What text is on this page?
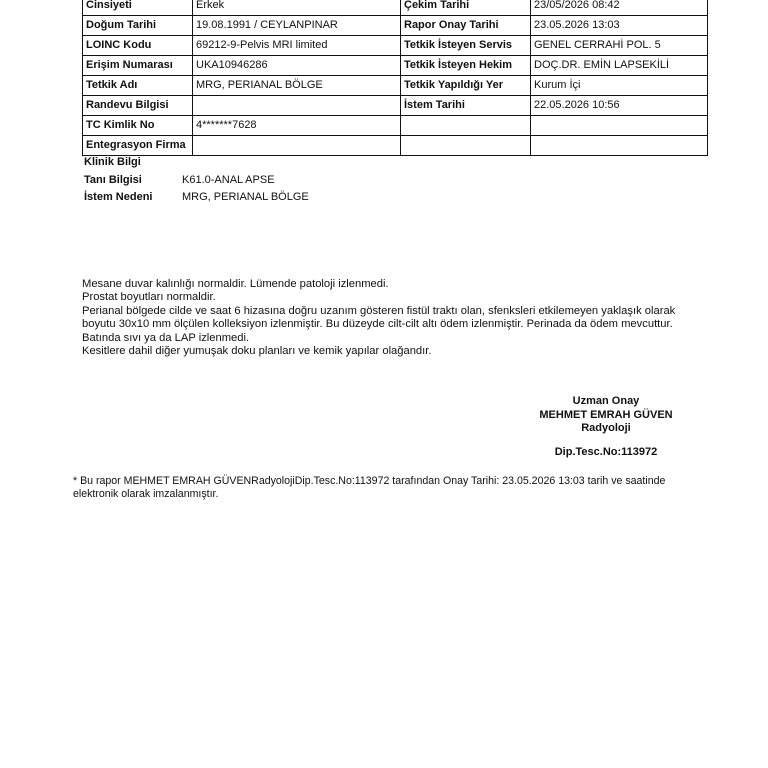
Cinsiyeti	Erkek	Çekim Tarihi	23/05/2026 08:42
Doğum Tarihi	19.08.1991 / CEYLANPINAR	Rapor Onay Tarihi	23.05.2026 13:03
LOINC Kodu	69212-9-Pelvis MRI limited	Tetkik İsteyen Servis	GENEL CERRAHİ POL. 5
Erişim Numarası	UKA10946286	Tetkik İsteyen Hekim	DOÇ.DR. EMİN LAPSEKİLİ
Tetkik Adı	MRG, PERIANAL BÖLGE	Tetkik Yapıldığı Yer	Kurum İçi
Randevu Bilgisi		İstem Tarihi	22.05.2026 10:56
TC Kimlik No	4*******7628		
Entegrasyon Firma			
Klinik Bilgi
Tanı Bilgisi	K61.0-ANAL APSE
İstem Nedeni	MRG, PERIANAL BÖLGE
Mesane duvar kalınlığı normaldir. Lümende patoloji izlenmedi.
Prostat boyutları normaldir.
Perianal bölgede cilde ve saat 6 hizasına doğru uzanım gösteren fistül traktı olan, sfenksleri etkilemeyen yaklaşık olarak
boyutu 30x10 mm ölçülen kolleksiyon izlenmiştir. Bu düzeyde cilt-cilt altı ödem izlenmiştir. Perinada da ödem mevcuttur.
Batında sıvı ya da LAP izlenmedi.
Kesitlere dahil diğer yumuşak doku planları ve kemik yapılar olağandır.
Uzman Onay
MEHMET EMRAH GÜVEN
Radyoloji
Dip.Tesc.No:113972
* Bu rapor MEHMET EMRAH GÜVENRadyolojiDip.Tesc.No:113972 tarafından Onay Tarihi: 23.05.2026 13:03 tarih ve saatinde
elektronik olarak imzalanmıştır.
